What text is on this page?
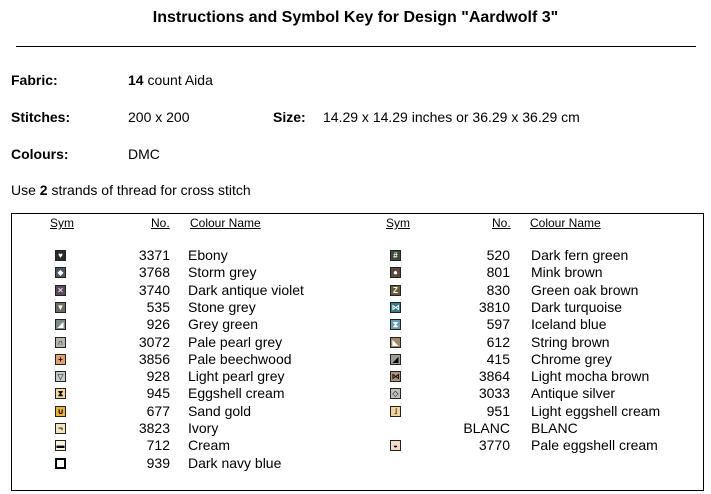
Instructions and Symbol Key for Design "Aardwolf 3"
Fabric:	14 count Aida
Stitches:	200 x 200	Size: 14.29 x 14.29 inches or 36.29 x 36.29 cm
Colours:	DMC
Use 2 strands of thread for cross stitch
Sym	No. Colour Name	Sym	No. Colour Name
♥	3371 Ebony
◆	3768 Storm grey
✕	3740 Dark antique violet
▼	535 Stone grey
◢	926 Grey green
∩	3072 Pale pearl grey
+	3856 Pale beechwood
▽	928 Light pearl grey
⧗	945 Eggshell cream
∪	677 Sand gold
¬	3823 Ivory
▬	712 Cream
939 Dark navy blue
#	520 Dark fern green
●	801 Mink brown
Z	830 Green oak brown
⋈	3810 Dark turquoise
⧗	597 Iceland blue
◣	612 String brown
◢	415 Chrome grey
⋈	3864 Light mocha brown
◇	3033 Antique silver
˩	951 Light eggshell cream
BLANC BLANC
◒	3770 Pale eggshell cream
